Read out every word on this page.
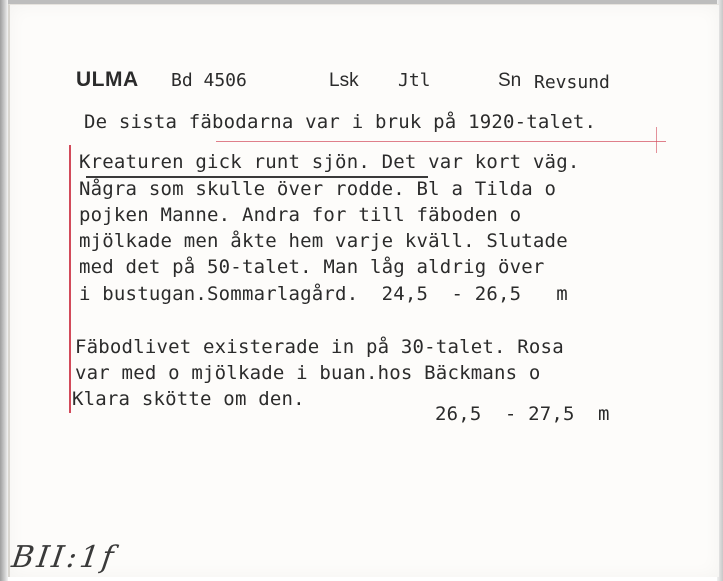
ULMA Bd 4506	Lsk Jtl	Sn Revsund
De sista fäbodarna var i bruk på 1920-talet.
Kreaturen gick runt sjön. Det var kort väg.
Några som skulle över rodde. Bl a Tilda o
pojken Manne. Andra for till fäboden o
mjölkade men åkte hem varje kväll. Slutade
med det på 50-talet. Man låg aldrig över
i bustugan.Sommarlagård.  24,5  - 26,5   m
Fäbodlivet existerade in på 30-talet. Rosa
var med o mjölkade i buan.hos Bäckmans o
Klara skötte om den.
26,5  - 27,5  m
BII:1f
